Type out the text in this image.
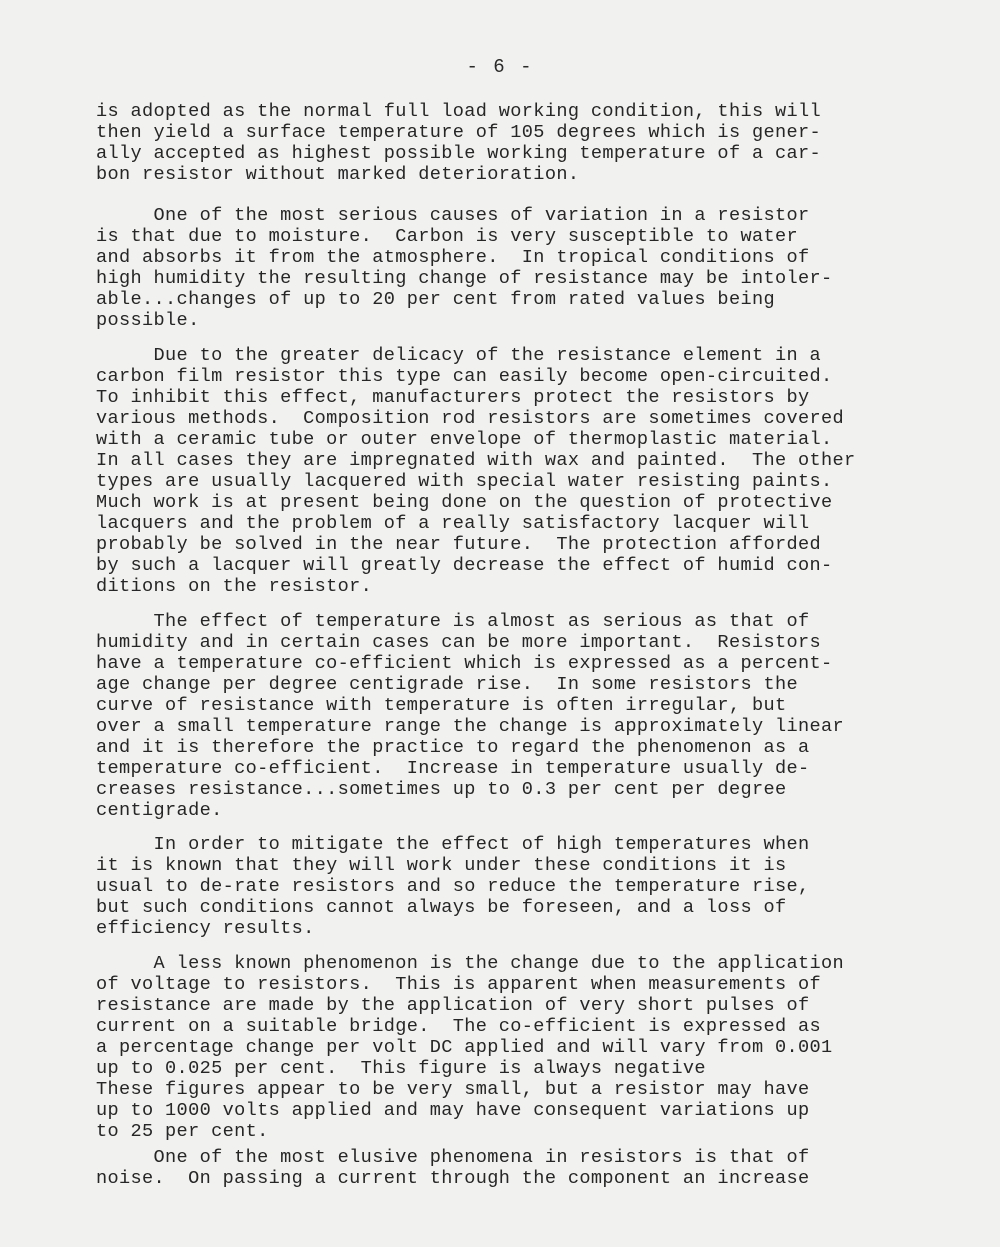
- 6 -
is adopted as the normal full load working condition, this will
then yield a surface temperature of 105 degrees which is gener-
ally accepted as highest possible working temperature of a car-
bon resistor without marked deterioration.
One of the most serious causes of variation in a resistor
is that due to moisture.  Carbon is very susceptible to water
and absorbs it from the atmosphere.  In tropical conditions of
high humidity the resulting change of resistance may be intoler-
able...changes of up to 20 per cent from rated values being
possible.
Due to the greater delicacy of the resistance element in a
carbon film resistor this type can easily become open-circuited.
To inhibit this effect, manufacturers protect the resistors by
various methods.  Composition rod resistors are sometimes covered
with a ceramic tube or outer envelope of thermoplastic material.
In all cases they are impregnated with wax and painted.  The other
types are usually lacquered with special water resisting paints.
Much work is at present being done on the question of protective
lacquers and the problem of a really satisfactory lacquer will
probably be solved in the near future.  The protection afforded
by such a lacquer will greatly decrease the effect of humid con-
ditions on the resistor.
The effect of temperature is almost as serious as that of
humidity and in certain cases can be more important.  Resistors
have a temperature co-efficient which is expressed as a percent-
age change per degree centigrade rise.  In some resistors the
curve of resistance with temperature is often irregular, but
over a small temperature range the change is approximately linear
and it is therefore the practice to regard the phenomenon as a
temperature co-efficient.  Increase in temperature usually de-
creases resistance...sometimes up to 0.3 per cent per degree
centigrade.
In order to mitigate the effect of high temperatures when
it is known that they will work under these conditions it is
usual to de-rate resistors and so reduce the temperature rise,
but such conditions cannot always be foreseen, and a loss of
efficiency results.
A less known phenomenon is the change due to the application
of voltage to resistors.  This is apparent when measurements of
resistance are made by the application of very short pulses of
current on a suitable bridge.  The co-efficient is expressed as
a percentage change per volt DC applied and will vary from 0.001
up to 0.025 per cent.  This figure is always negative
These figures appear to be very small, but a resistor may have
up to 1000 volts applied and may have consequent variations up
to 25 per cent.
One of the most elusive phenomena in resistors is that of
noise.  On passing a current through the component an increase
